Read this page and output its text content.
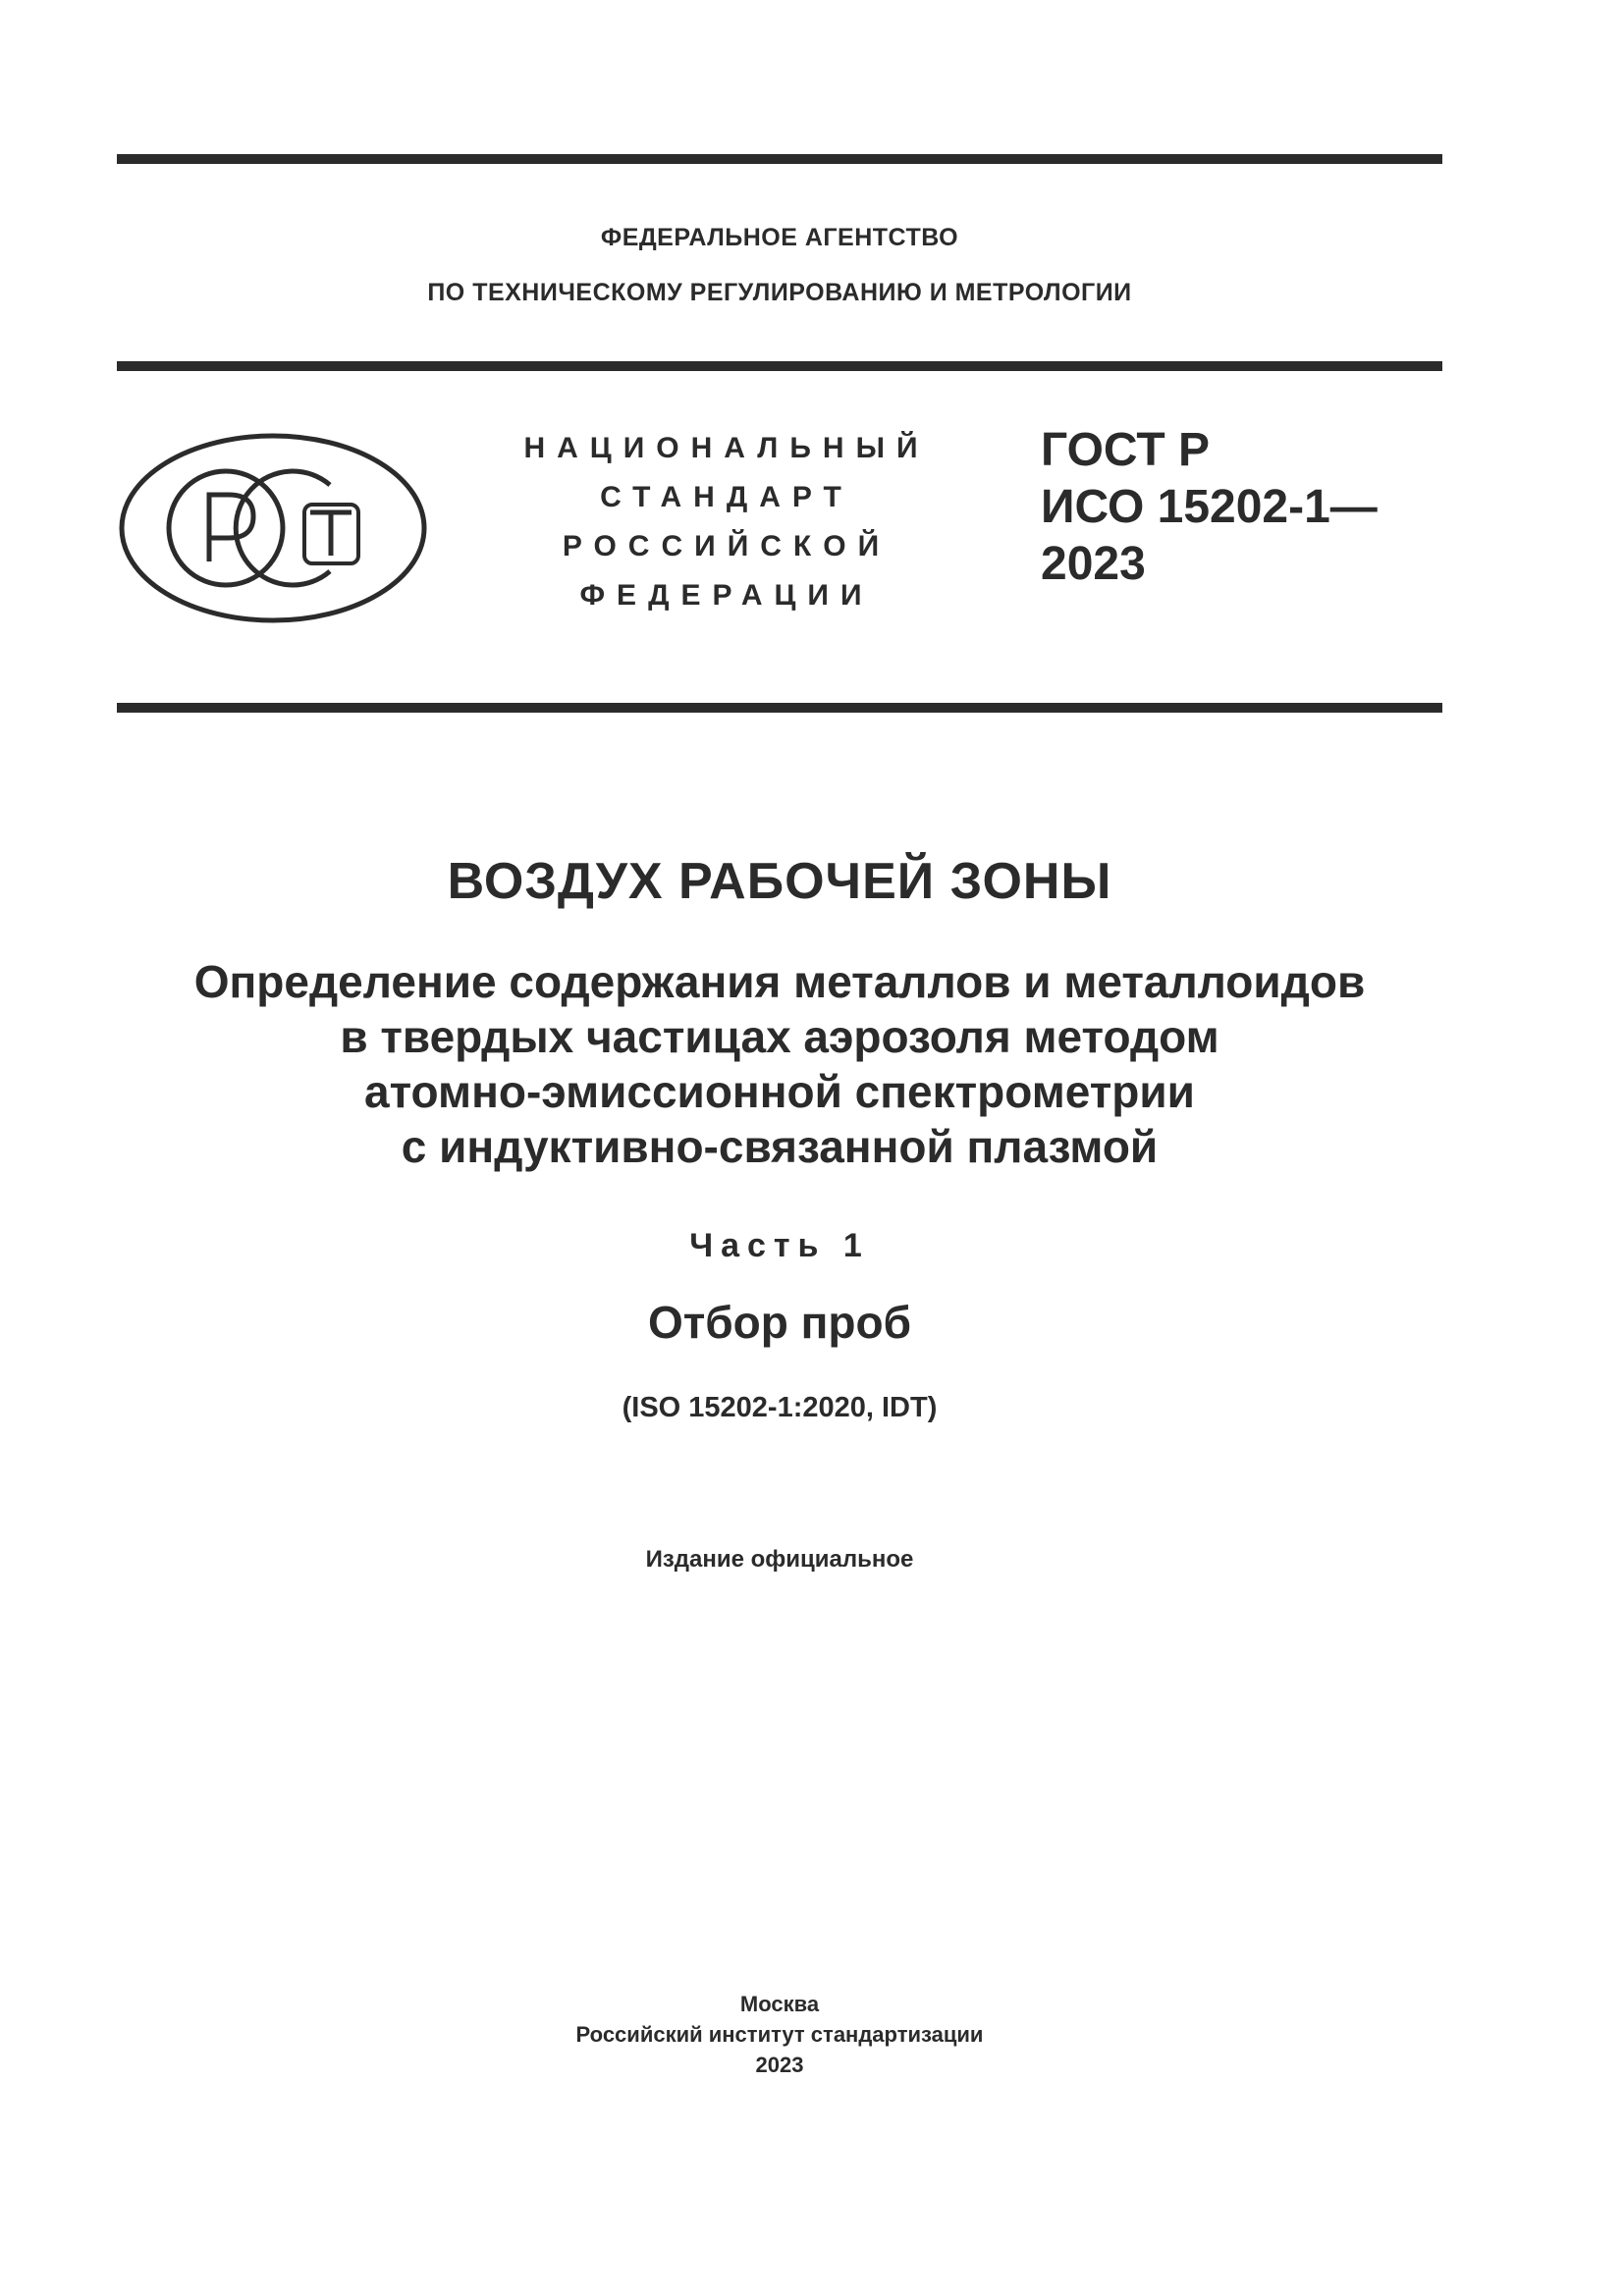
ФЕДЕРАЛЬНОЕ АГЕНТСТВО
ПО ТЕХНИЧЕСКОМУ РЕГУЛИРОВАНИЮ И МЕТРОЛОГИИ
НАЦИОНАЛЬНЫЙ
СТАНДАРТ
РОССИЙСКОЙ
ФЕДЕРАЦИИ
ГОСТ Р
ИСО 15202-1—
2023
ВОЗДУХ РАБОЧЕЙ ЗОНЫ
Определение содержания металлов и металлоидов
в твердых частицах аэрозоля методом
атомно-эмиссионной спектрометрии
с индуктивно-связанной плазмой
Часть 1
Отбор проб
(ISO 15202-1:2020, IDT)
Издание официальное
Москва
Российский институт стандартизации
2023
